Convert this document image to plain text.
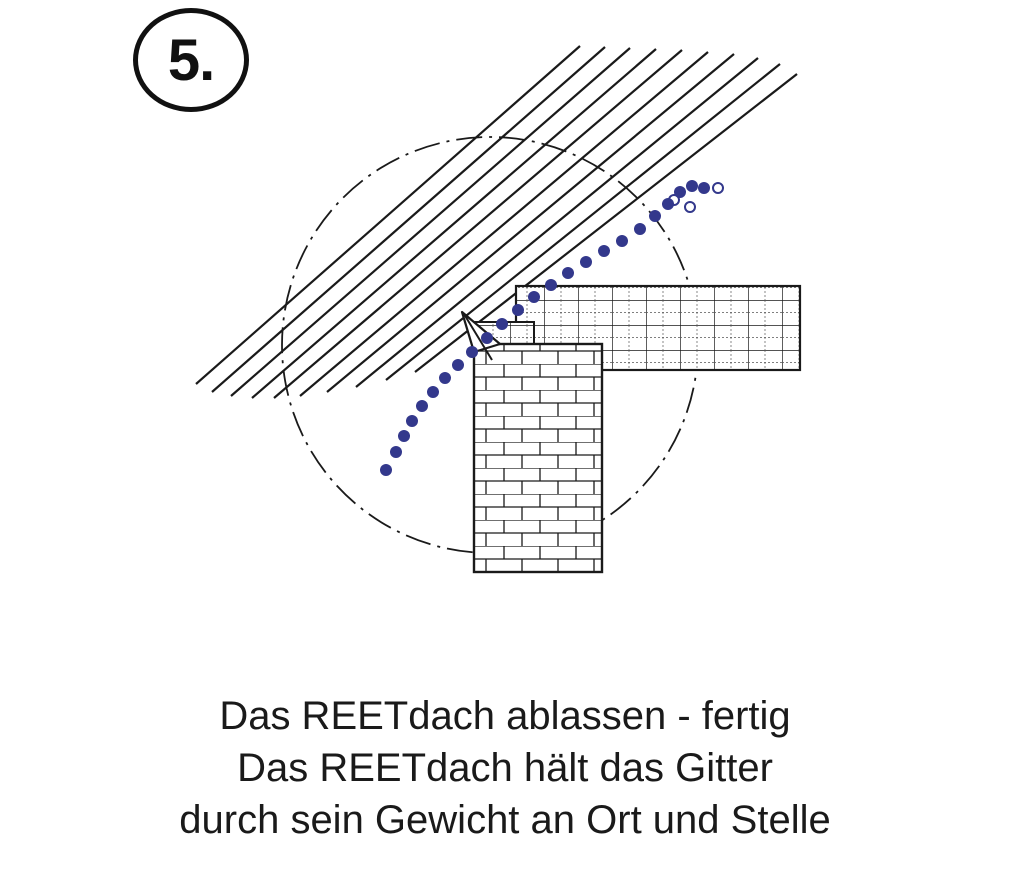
5.
Das REETdach ablassen - fertig
Das REETdach hält das Gitter
durch sein Gewicht an Ort und Stelle
